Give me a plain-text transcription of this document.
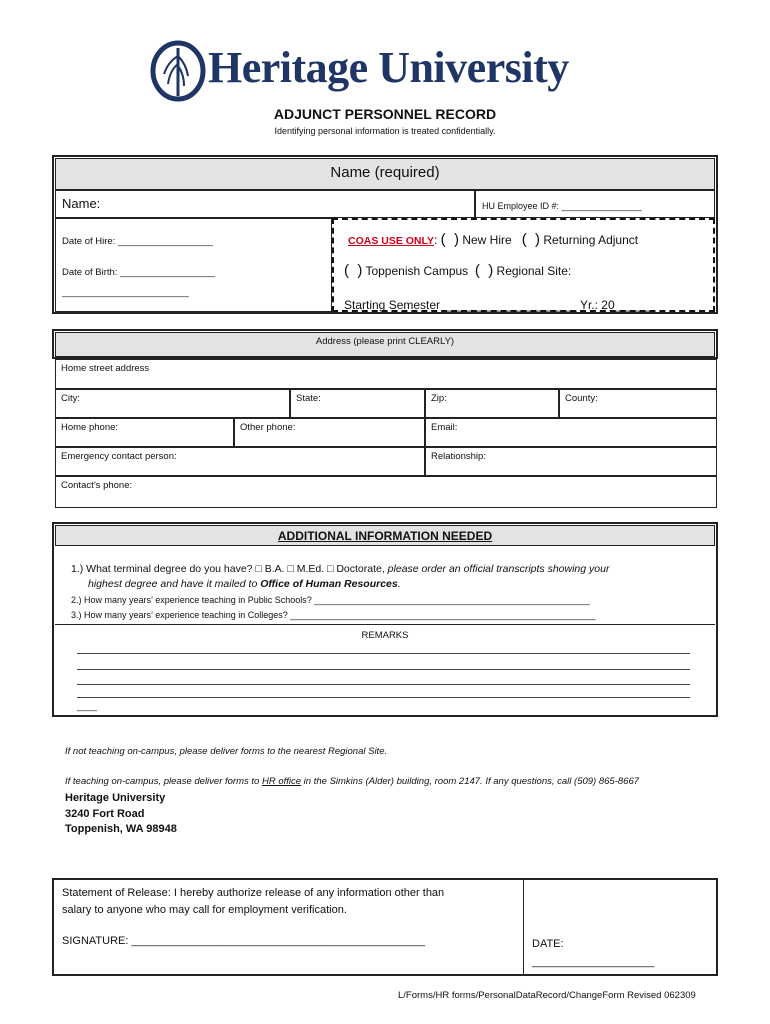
Heritage University
ADJUNCT PERSONNEL RECORD
Identifying personal information is treated confidentially.
Name (required)
Name:	HU Employee ID #: ________________
Date of Hire: __________________
Date of Birth: __________________
________________________
COAS USE ONLY: (  ) New Hire (  ) Returning Adjunct
(  ) Toppenish Campus (  ) Regional Site:
Starting Semester ____________________ Yr.: 20______
Address (please print CLEARLY)
Home street address
City:	State:	Zip:	County:
Home phone:	Other phone:	Email:
Emergency contact person:	Relationship:
Contact’s phone:
ADDITIONAL INFORMATION NEEDED
1.) What terminal degree do you have? □ B.A. □ M.Ed. □ Doctorate, please order an official transcripts showing your
highest degree and have it mailed to Office of Human Resources.
2.) How many years’ experience teaching in Public Schools? _______________________________________________________
3.) How many years’ experience teaching in Colleges? _____________________________________________________________
REMARKS
____
If not teaching on-campus, please deliver forms to the nearest Regional Site.
If teaching on-campus, please deliver forms to HR office in the Simkins (Alder) building, room 2147. If any questions, call (509) 865-8667
Heritage University
3240 Fort Road
Toppenish, WA 98948
Statement of Release: I hereby authorize release of any information other than
salary to anyone who may call for employment verification.
SIGNATURE: ________________________________________________	DATE:
____________________
L/Forms/HR forms/PersonalDataRecord/ChangeForm Revised 062309
